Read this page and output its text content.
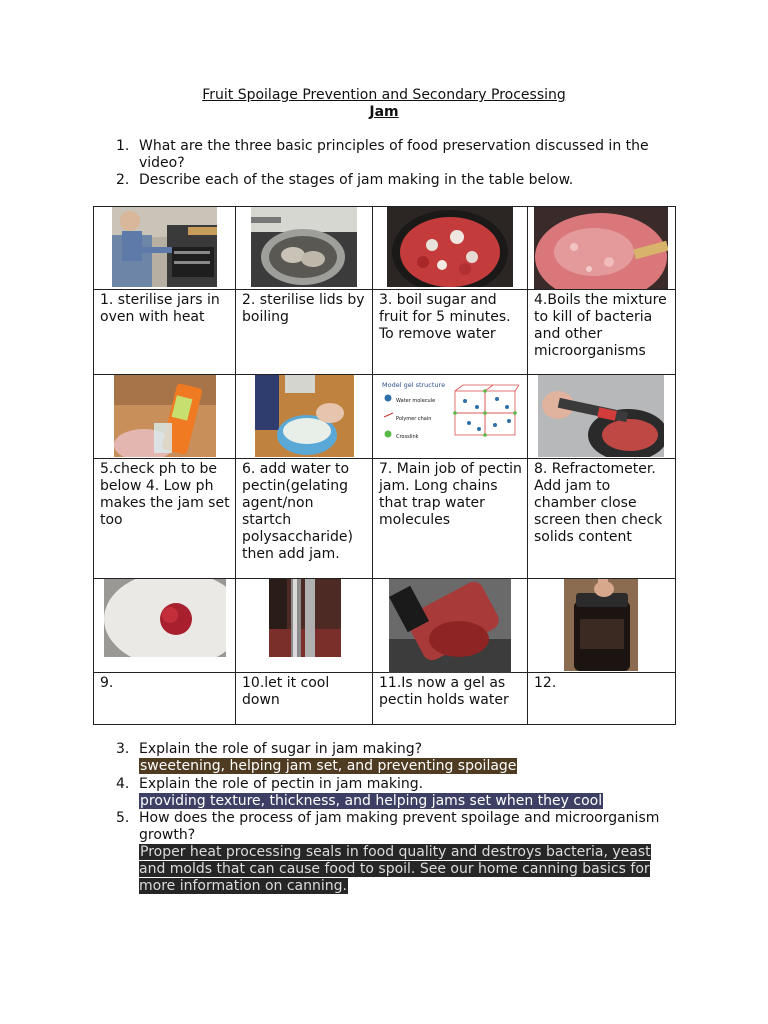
Fruit Spoilage Prevention and Secondary Processing
Jam
1. What are the three basic principles of food preservation discussed in the video?
2. Describe each of the stages of jam making in the table below.

1. sterilise jars in oven with heat	2. sterilise lids by boiling	3. boil sugar and fruit for 5 minutes. To remove water	4.Boils the mixture to kill of bacteria and other microorganisms

Model gel structure
Water molecule
Polymer chain
Crosslink

5.check ph to be below 4. Low ph makes the jam set too	6. add water to pectin(gelating agent/non startch polysaccharide) then add jam.	7. Main job of pectin jam. Long chains that trap water molecules	8. Refractometer. Add jam to chamber close screen then check solids content

9.	10.let it cool down	11.Is now a gel as pectin holds water	12.
3. Explain the role of sugar in jam making?
sweetening, helping jam set, and preventing spoilage
4. Explain the role of pectin in jam making.
providing texture, thickness, and helping jams set when they cool
5. How does the process of jam making prevent spoilage and microorganism growth?
Proper heat processing seals in food quality and destroys bacteria, yeast and molds that can cause food to spoil. See our home canning basics for more information on canning.
